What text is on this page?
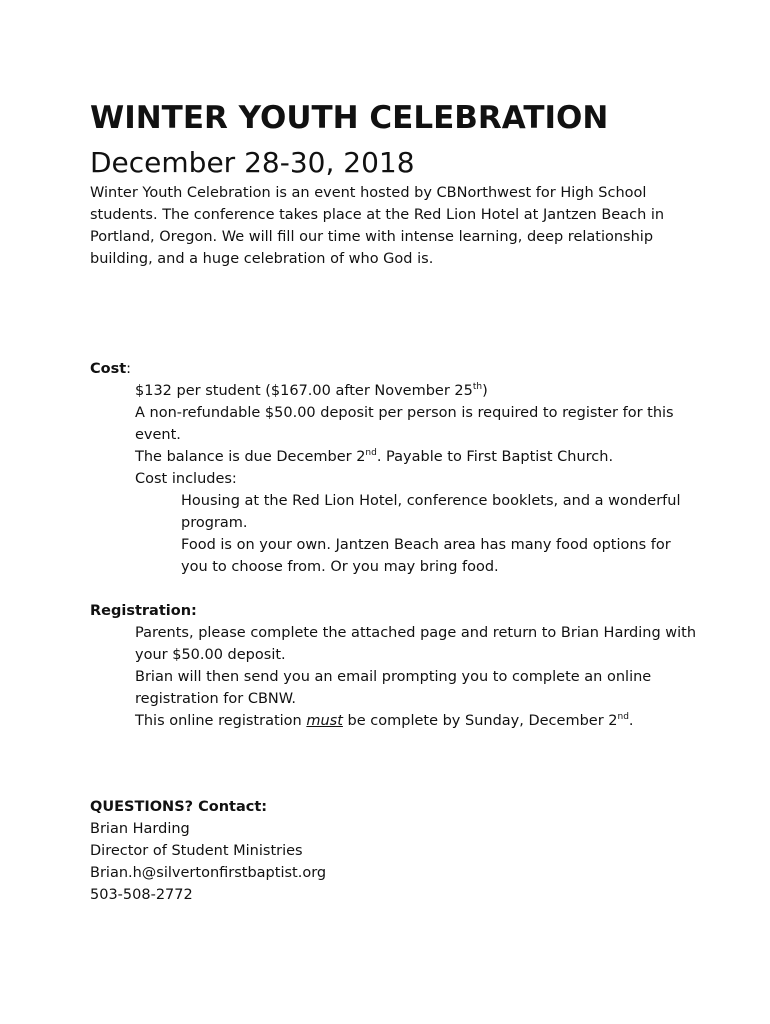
WINTER YOUTH CELEBRATION
December 28-30, 2018

Winter Youth Celebration is an event hosted by CBNorthwest for High School students. The conference takes place at the Red Lion Hotel at Jantzen Beach in Portland, Oregon. We will fill our time with intense learning, deep relationship building, and a huge celebration of who God is.

Cost:
$132 per student ($167.00 after November 25th)
A non-refundable $50.00 deposit per person is required to register for this event.
The balance is due December 2nd. Payable to First Baptist Church.
Cost includes:
Housing at the Red Lion Hotel, conference booklets, and a wonderful program.
Food is on your own. Jantzen Beach area has many food options for you to choose from. Or you may bring food.
Registration:
Parents, please complete the attached page and return to Brian Harding with your $50.00 deposit.
Brian will then send you an email prompting you to complete an online registration for CBNW.
This online registration must be complete by Sunday, December 2nd.
QUESTIONS? Contact:
Brian Harding
Director of Student Ministries
Brian.h@silvertonfirstbaptist.org
503-508-2772
